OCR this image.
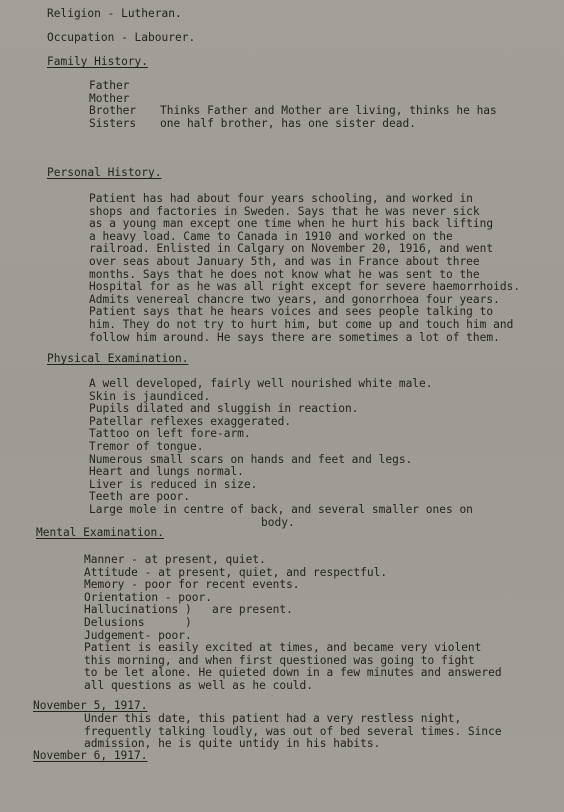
Religion - Lutheran.
Occupation - Labourer.
Family History.
Father
Mother
Brother	Thinks Father and Mother are living, thinks he has
Sisters	one half brother, has one sister dead.
Personal History.
Patient has had about four years schooling, and worked in
shops and factories in Sweden. Says that he was never sick
as a young man except one time when he hurt his back lifting
a heavy load. Came to Canada in 1910 and worked on the
railroad. Enlisted in Calgary on November 20, 1916, and went
over seas about January 5th, and was in France about three
months. Says that he does not know what he was sent to the
Hospital for as he was all right except for severe haemorrhoids.
Admits venereal chancre two years, and gonorrhoea four years.
Patient says that he hears voices and sees people talking to
him. They do not try to hurt him, but come up and touch him and
follow him around. He says there are sometimes a lot of them.
Physical Examination.
A well developed, fairly well nourished white male.
Skin is jaundiced.
Pupils dilated and sluggish in reaction.
Patellar reflexes exaggerated.
Tattoo on left fore-arm.
Tremor of tongue.
Numerous small scars on hands and feet and legs.
Heart and lungs normal.
Liver is reduced in size.
Teeth are poor.
Large mole in centre of back, and several smaller ones on
body.
Mental Examination.
Manner - at present, quiet.
Attitude - at present, quiet, and respectful.
Memory - poor for recent events.
Orientation - poor.
Hallucinations )   are present.
Delusions      )
Judgement- poor.
Patient is easily excited at times, and became very violent
this morning, and when first questioned was going to fight
to be let alone. He quieted down in a few minutes and answered
all questions as well as he could.
November 5, 1917.
Under this date, this patient had a very restless night,
frequently talking loudly, was out of bed several times. Since
admission, he is quite untidy in his habits.
November 6, 1917.
